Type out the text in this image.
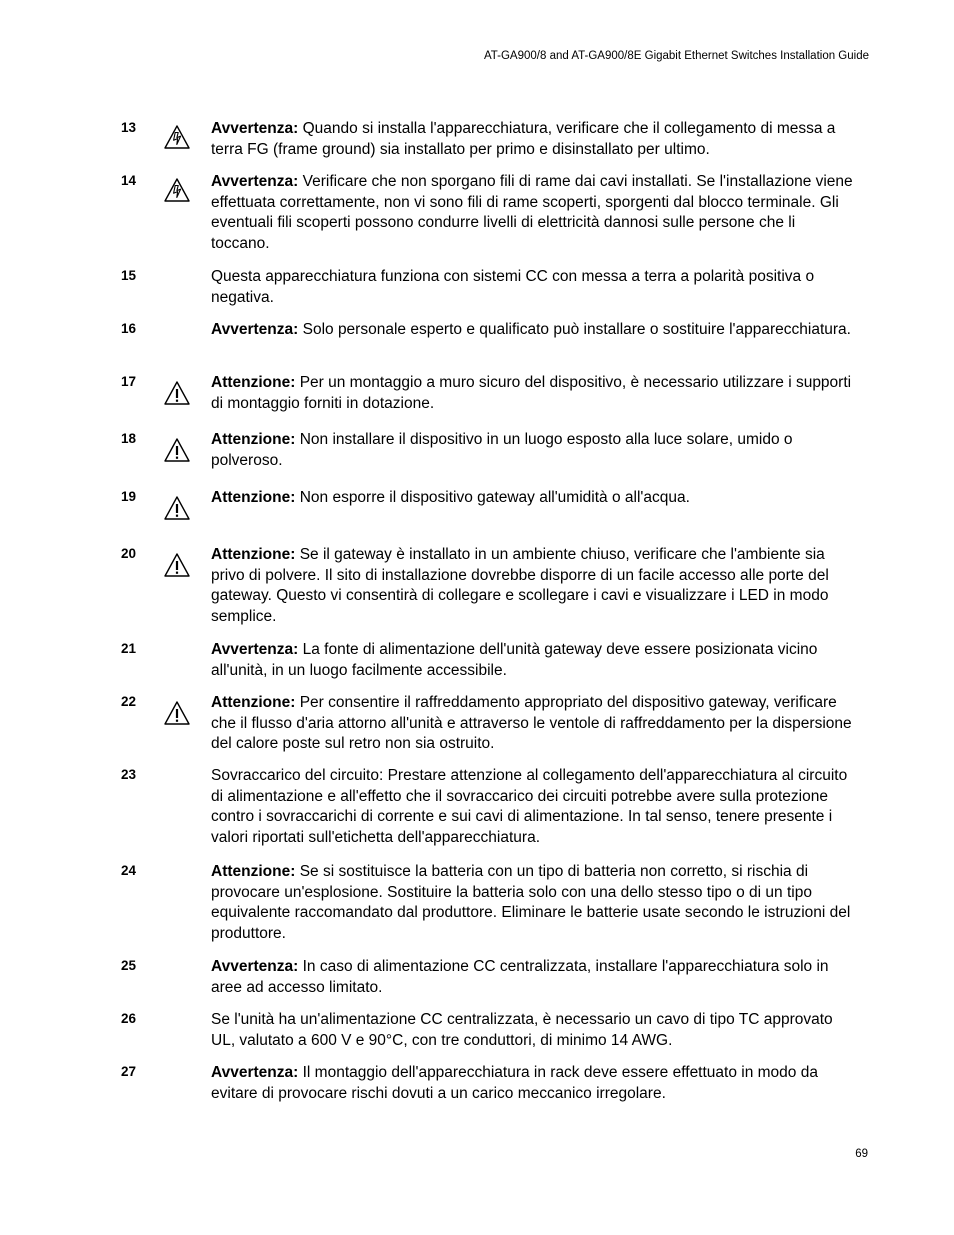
AT-GA900/8 and AT-GA900/8E Gigabit Ethernet Switches Installation Guide
13	Avvertenza: Quando si installa l'apparecchiatura, verificare che il collegamento di messa a terra FG (frame ground) sia installato per primo e disinstallato per ultimo.
14	Avvertenza: Verificare che non sporgano fili di rame dai cavi installati. Se l'installazione viene effettuata correttamente, non vi sono fili di rame scoperti, sporgenti dal blocco terminale. Gli eventuali fili scoperti possono condurre livelli di elettricità dannosi sulle persone che li toccano.
15	Questa apparecchiatura funziona con sistemi CC con messa a terra a polarità positiva o negativa.
16	Avvertenza: Solo personale esperto e qualificato può installare o sostituire l'apparecchiatura.
17	Attenzione: Per un montaggio a muro sicuro del dispositivo, è necessario utilizzare i supporti di montaggio forniti in dotazione.
18	Attenzione: Non installare il dispositivo in un luogo esposto alla luce solare, umido o polveroso.
19	Attenzione: Non esporre il dispositivo gateway all'umidità o all'acqua.
20	Attenzione: Se il gateway è installato in un ambiente chiuso, verificare che l'ambiente sia privo di polvere. Il sito di installazione dovrebbe disporre di un facile accesso alle porte del gateway. Questo vi consentirà di collegare e scollegare i cavi e visualizzare i LED in modo semplice.
21	Avvertenza: La fonte di alimentazione dell'unità gateway deve essere posizionata vicino all'unità, in un luogo facilmente accessibile.
22	Attenzione: Per consentire il raffreddamento appropriato del dispositivo gateway, verificare che il flusso d'aria attorno all'unità e attraverso le ventole di raffreddamento per la dispersione del calore poste sul retro non sia ostruito.
23	Sovraccarico del circuito: Prestare attenzione al collegamento dell'apparecchiatura al circuito di alimentazione e all'effetto che il sovraccarico dei circuiti potrebbe avere sulla protezione contro i sovraccarichi di corrente e sui cavi di alimentazione. In tal senso, tenere presente i valori riportati sull'etichetta dell'apparecchiatura.
24	Attenzione: Se si sostituisce la batteria con un tipo di batteria non corretto, si rischia di provocare un'esplosione. Sostituire la batteria solo con una dello stesso tipo o di un tipo equivalente raccomandato dal produttore. Eliminare le batterie usate secondo le istruzioni del produttore.
25	Avvertenza: In caso di alimentazione CC centralizzata, installare l'apparecchiatura solo in aree ad accesso limitato.
26	Se l'unità ha un'alimentazione CC centralizzata, è necessario un cavo di tipo TC approvato UL, valutato a 600 V e 90°C, con tre conduttori, di minimo 14 AWG.
27	Avvertenza: Il montaggio dell'apparecchiatura in rack deve essere effettuato in modo da evitare di provocare rischi dovuti a un carico meccanico irregolare.
69
